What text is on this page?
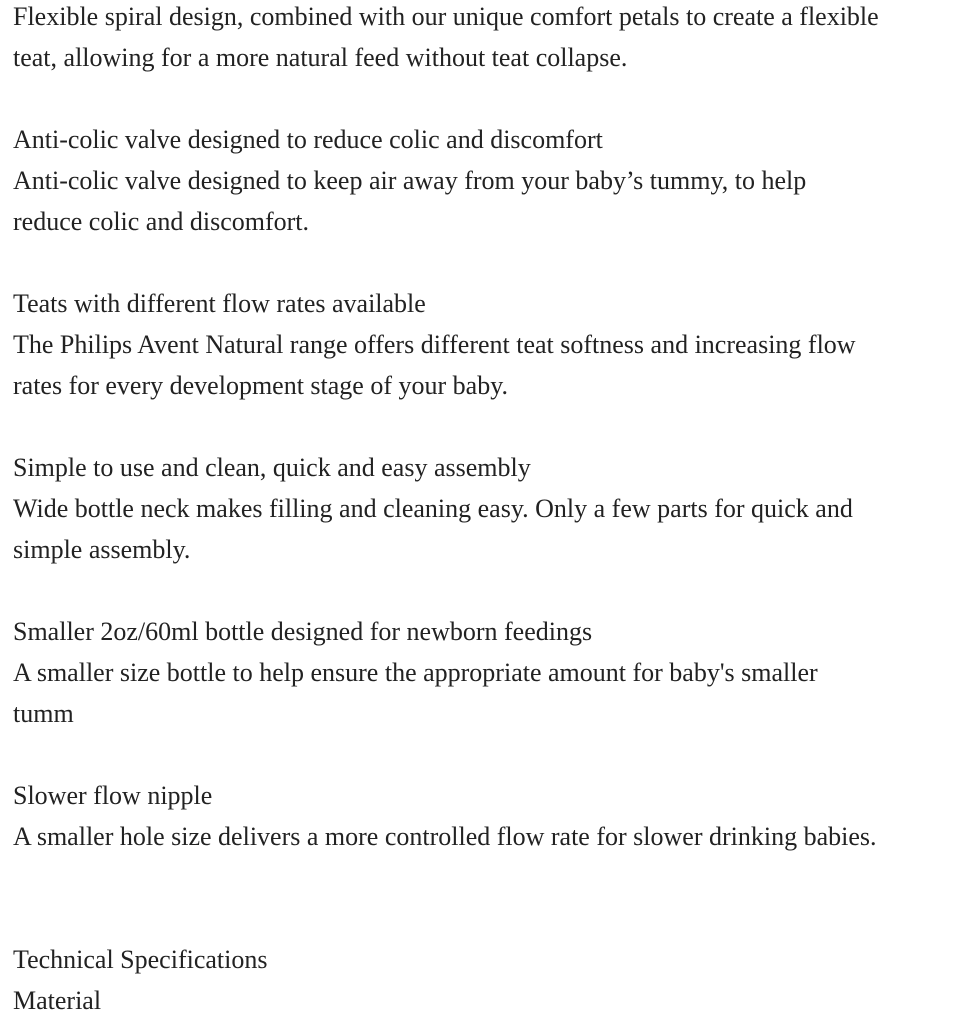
Flexible spiral design, combined with our unique comfort petals to create a flexible
teat, allowing for a more natural feed without teat collapse.
Anti-colic valve designed to reduce colic and discomfort
Anti-colic valve designed to keep air away from your baby’s tummy, to help
reduce colic and discomfort.
Teats with different flow rates available
The Philips Avent Natural range offers different teat softness and increasing flow
rates for every development stage of your baby.
Simple to use and clean, quick and easy assembly
Wide bottle neck makes filling and cleaning easy. Only a few parts for quick and
simple assembly.
Smaller 2oz/60ml bottle designed for newborn feedings
A smaller size bottle to help ensure the appropriate amount for baby's smaller
tumm
Slower flow nipple
A smaller hole size delivers a more controlled flow rate for slower drinking babies.
Technical Specifications
Material
